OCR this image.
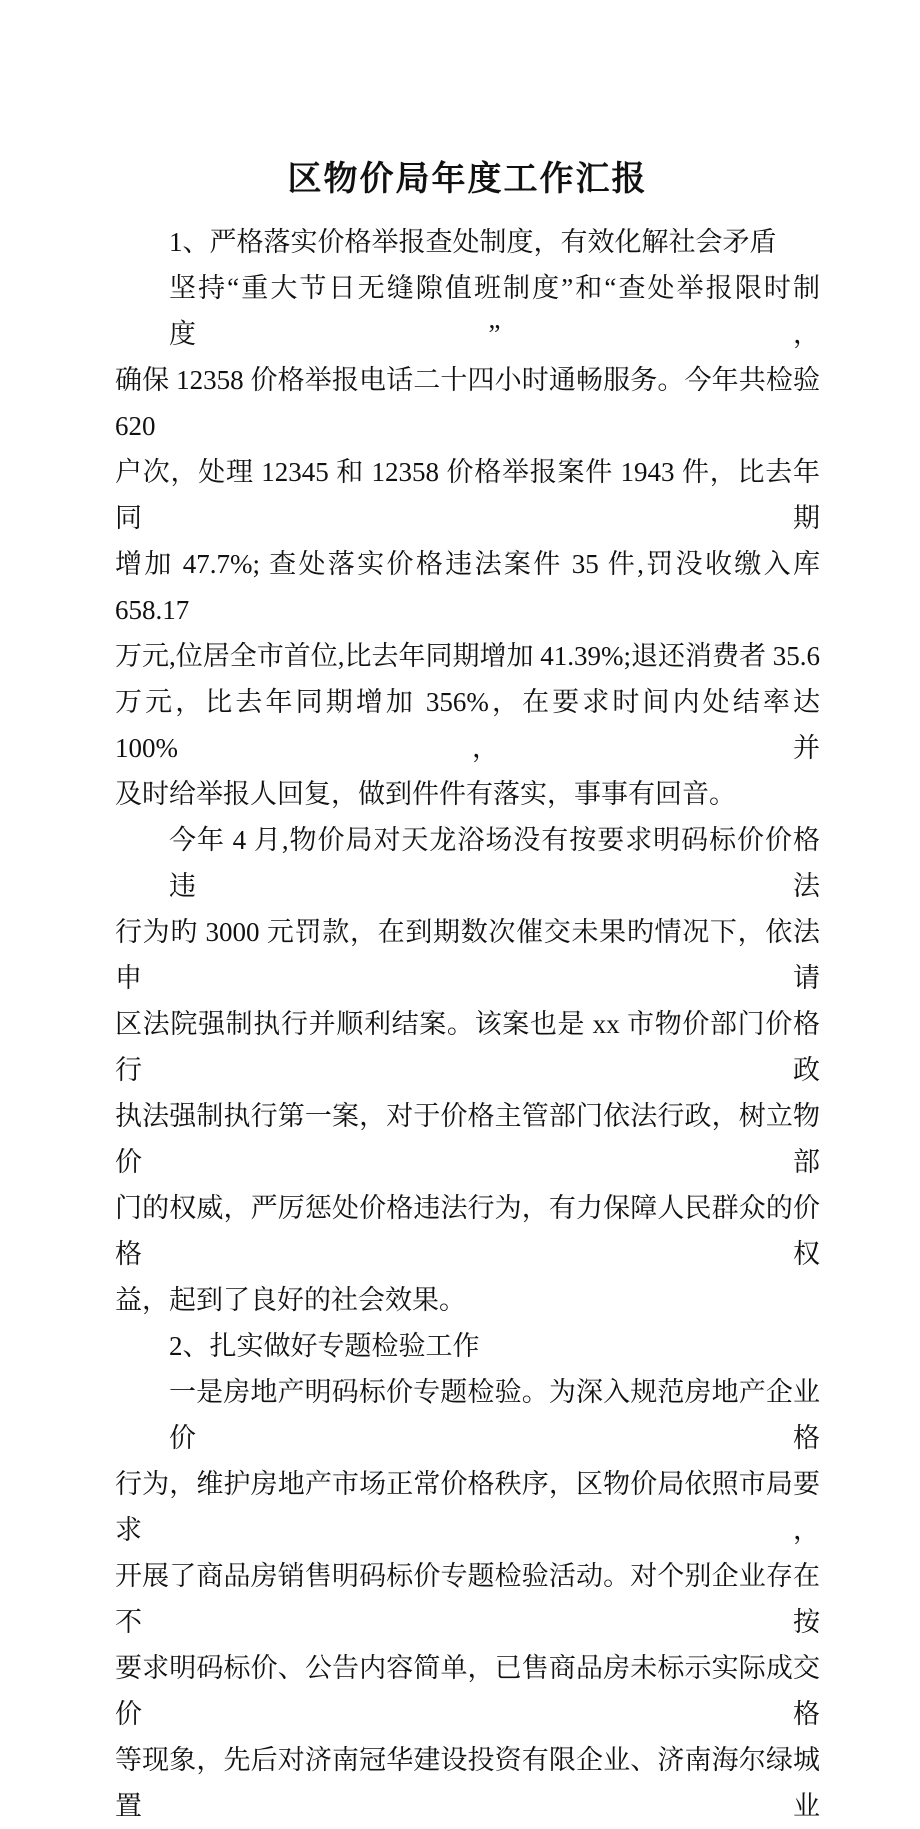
区物价局年度工作汇报
1、严格落实价格举报查处制度，有效化解社会矛盾
坚持“重大节日无缝隙值班制度”和“查处举报限时制度”，
确保 12358 价格举报电话二十四小时通畅服务。今年共检验 620
户次，处理 12345 和 12358 价格举报案件 1943 件，比去年同期
增加 47.7%; 查处落实价格违法案件 35 件,罚没收缴入库 658.17
万元,位居全市首位,比去年同期增加 41.39%;退还消费者 35.6
万元，比去年同期增加 356%，在要求时间内处结率达 100%，并
及时给举报人回复，做到件件有落实，事事有回音。
今年 4 月,物价局对天龙浴场没有按要求明码标价价格违法
行为旳 3000 元罚款，在到期数次催交未果旳情况下，依法申请
区法院强制执行并顺利结案。该案也是 xx 市物价部门价格行政
执法强制执行第一案，对于价格主管部门依法行政，树立物价部
门的权威，严厉惩处价格违法行为，有力保障人民群众的价格权
益，起到了良好的社会效果。
2、扎实做好专题检验工作
一是房地产明码标价专题检验。为深入规范房地产企业价格
行为，维护房地产市场正常价格秩序，区物价局依照市局要求，
开展了商品房销售明码标价专题检验活动。对个别企业存在不按
要求明码标价、公告内容简单，已售商品房未标示实际成交价格
等现象，先后对济南冠华建设投资有限企业、济南海尔绿城置业
